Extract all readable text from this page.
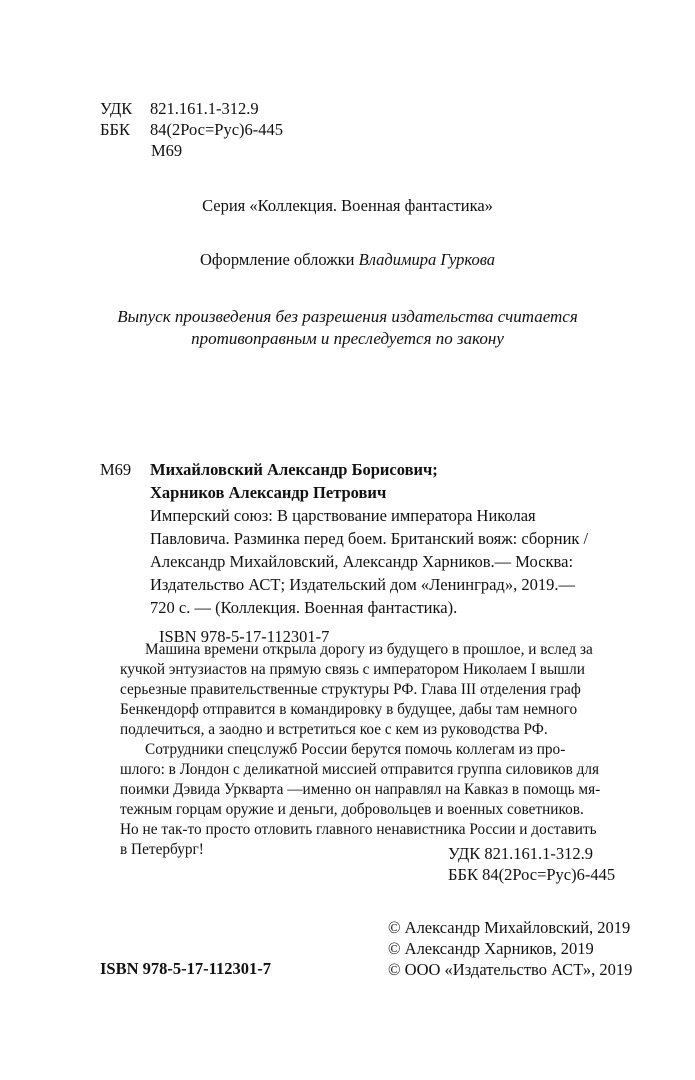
УДК 821.161.1-312.9
ББК 84(2Рос=Рус)6-445
М69
Серия «Коллекция. Военная фантастика»
Оформление обложки Владимира Гуркова
Выпуск произведения без разрешения издательства считается
противоправным и преследуется по закону
М69 Михайловский Александр Борисович;
Харников Александр Петрович
Имперский союз: В царствование императора Николая
Павловича. Разминка перед боем. Британский вояж: сборник /
Александр Михайловский, Александр Харников.— Москва:
Издательство АСТ; Издательский дом «Ленинград», 2019.—
720 с. — (Коллекция. Военная фантастика).
ISBN 978-5-17-112301-7
Машина времени открыла дорогу из будущего в прошлое, и вслед за
кучкой энтузиастов на прямую связь с императором Николаем I вышли
серьезные правительственные структуры РФ. Глава III отделения граф
Бенкендорф отправится в командировку в будущее, дабы там немного
подлечиться, а заодно и встретиться кое с кем из руководства РФ.
Сотрудники спецслужб России берутся помочь коллегам из про-
шлого: в Лондон с деликатной миссией отправится группа силовиков для
поимки Дэвида Уркварта —именно он направлял на Кавказ в помощь мя-
тежным горцам оружие и деньги, добровольцев и военных советников.
Но не так-то просто отловить главного ненавистника России и доставить
в Петербург!	УДК 821.161.1-312.9
ББК 84(2Рос=Рус)6-445
© Александр Михайловский, 2019
© Александр Харников, 2019
© ООО «Издательство АСТ», 2019
ISBN 978-5-17-112301-7
